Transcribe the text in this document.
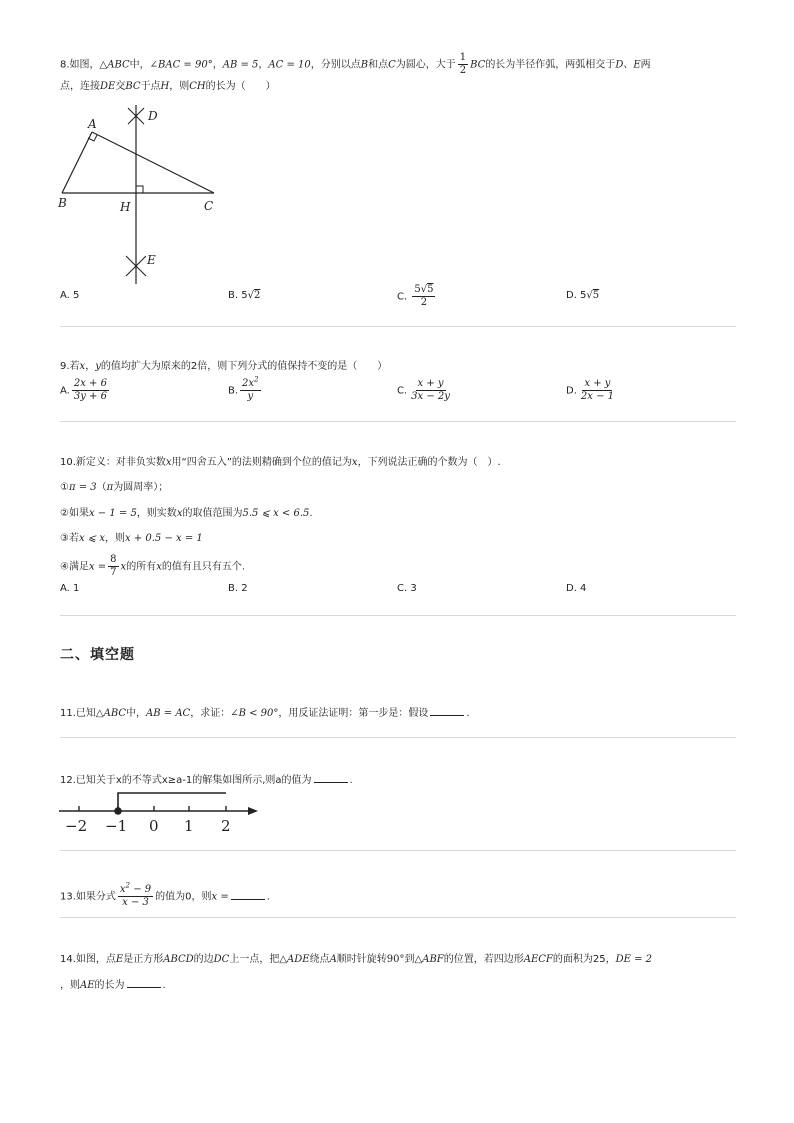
8.如图，△ABC中，∠BAC = 90°，AB = 5，AC = 10，分别以点B和点C为圆心，大于 $\frac{1}{2}$ BC的长为半径作弧，两弧相交于D、E两
点，连接DE交BC于点H，则CH的长为（　　）
A
B	C
H
D
E
A. 5	B. 5√2	C. $\frac{5√5}{2}$	D. 5√5
9.若x，y的值均扩大为原来的2倍，则下列分式的值保持不变的是（　　）
A. $\frac{2x + 6}{3y + 6}$	B. $\frac{2x^2}{y}$	C. $\frac{x + y}{3x - 2y}$	D. $\frac{x + y}{2x - 1}$
10.新定义：对非负实数x用“四舍五入”的法则精确到个位的值记为x，下列说法正确的个数为（　）.
①π = 3（π为圆周率）；
②如果x − 1 = 5，则实数x的取值范围为5.5 ⩽ x < 6.5.
③若x ⩽ x，则x + 0.5 − x = 1
④满足$x = \frac{8}{7}$ x的所有x的值有且只有五个.
A. 1	B. 2	C. 3	D. 4
二、填空题
11.已知△ABC中，AB = AC，求证：∠B < 90°，用反证法证明：第一步是：假设	.
12.已知关于x的不等式x≥a-1的解集如图所示,则a的值为	.
−2 −1 0 1 2
13.如果分式 $\frac{x^2 - 9}{x - 3}$ 的值为0，则x =	.
14.如图，点E是正方形ABCD的边DC上一点，把△ADE绕点A顺时针旋转90°到△ABF的位置，若四边形AECF的面积为25，DE = 2
，则AE的长为	.
